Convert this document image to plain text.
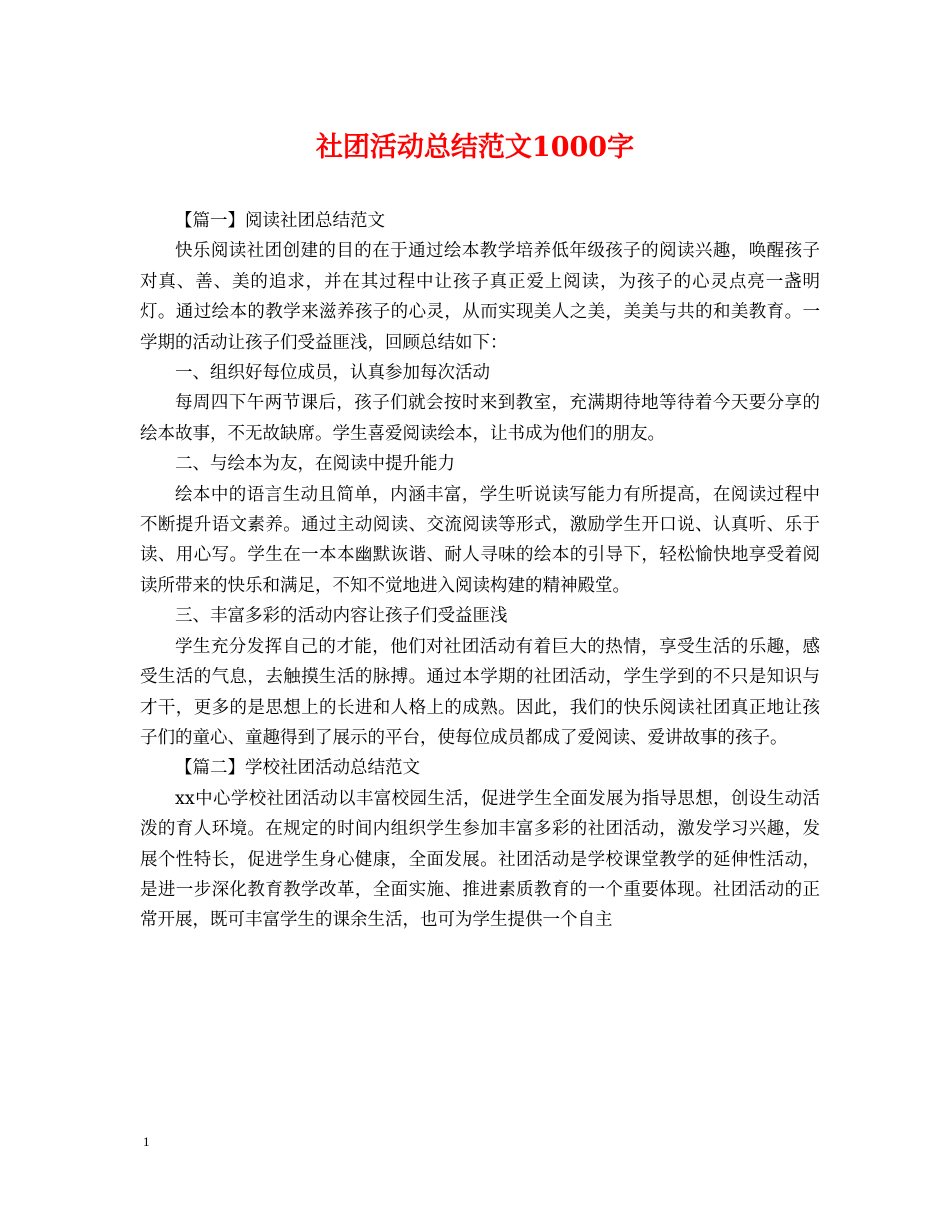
社团活动总结范文1000字

【篇一】阅读社团总结范文

快乐阅读社团创建的目的在于通过绘本教学培养低年级孩子的阅读兴趣，唤醒孩子对真、善、美的追求，并在其过程中让孩子真正爱上阅读，为孩子的心灵点亮一盏明灯。通过绘本的教学来滋养孩子的心灵，从而实现美人之美，美美与共的和美教育。一学期的活动让孩子们受益匪浅，回顾总结如下：

一、组织好每位成员，认真参加每次活动

每周四下午两节课后，孩子们就会按时来到教室，充满期待地等待着今天要分享的绘本故事，不无故缺席。学生喜爱阅读绘本，让书成为他们的朋友。

二、与绘本为友，在阅读中提升能力

绘本中的语言生动且简单，内涵丰富，学生听说读写能力有所提高，在阅读过程中不断提升语文素养。通过主动阅读、交流阅读等形式，激励学生开口说、认真听、乐于读、用心写。学生在一本本幽默诙谐、耐人寻味的绘本的引导下，轻松愉快地享受着阅读所带来的快乐和满足，不知不觉地进入阅读构建的精神殿堂。

三、丰富多彩的活动内容让孩子们受益匪浅

学生充分发挥自己的才能，他们对社团活动有着巨大的热情，享受生活的乐趣，感受生活的气息，去触摸生活的脉搏。通过本学期的社团活动，学生学到的不只是知识与才干，更多的是思想上的长进和人格上的成熟。因此，我们的快乐阅读社团真正地让孩子们的童心、童趣得到了展示的平台，使每位成员都成了爱阅读、爱讲故事的孩子。

【篇二】学校社团活动总结范文

xx中心学校社团活动以丰富校园生活，促进学生全面发展为指导思想，创设生动活泼的育人环境。在规定的时间内组织学生参加丰富多彩的社团活动，激发学习兴趣，发展个性特长，促进学生身心健康，全面发展。社团活动是学校课堂教学的延伸性活动，是进一步深化教育教学改革，全面实施、推进素质教育的一个重要体现。社团活动的正常开展，既可丰富学生的课余生活，也可为学生提供一个自主

1
